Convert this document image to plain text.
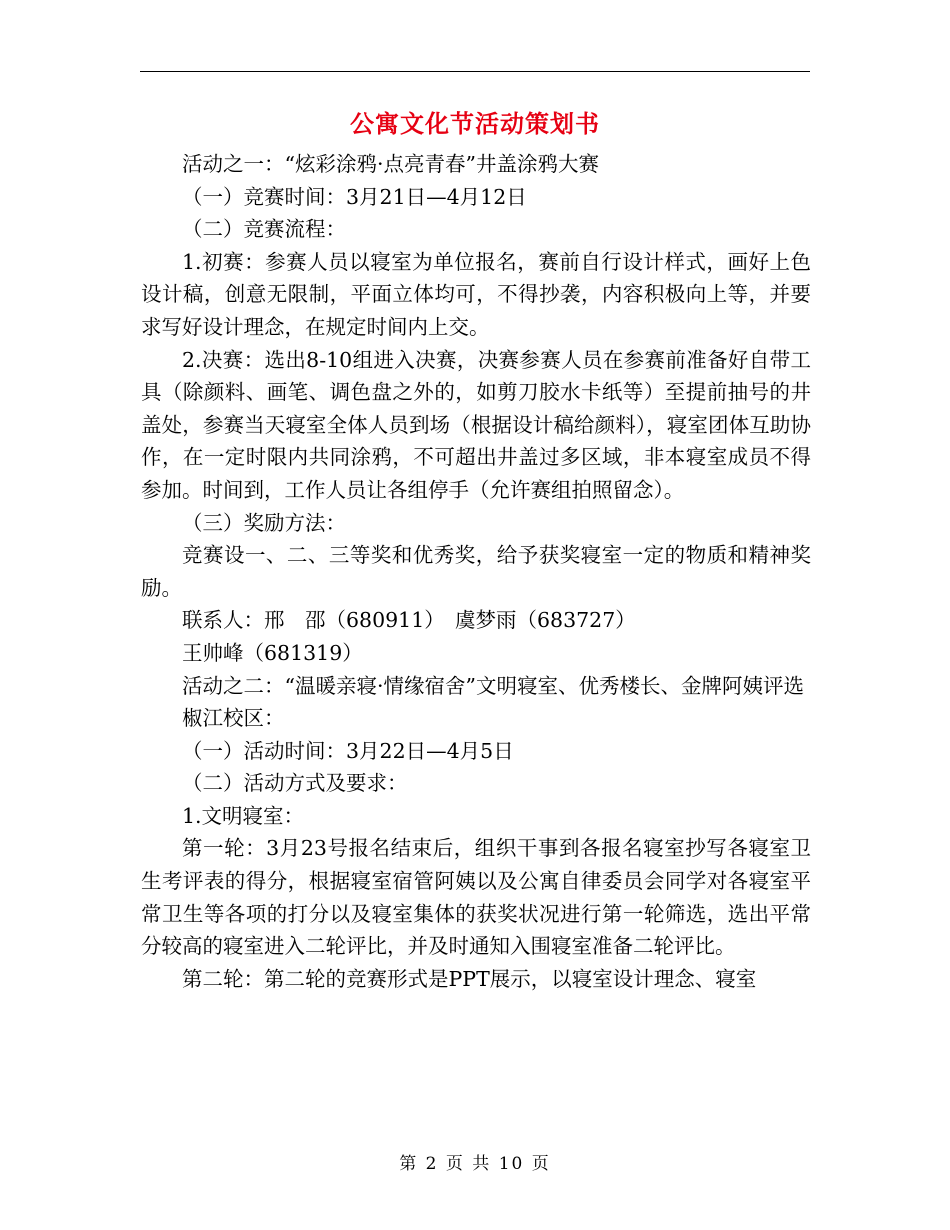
公寓文化节活动策划书

活动之一：“炫彩涂鸦·点亮青春”井盖涂鸦大赛

（一）竞赛时间：3月21日—4月12日

（二）竞赛流程：

1.初赛：参赛人员以寝室为单位报名，赛前自行设计样式，画好上色设计稿，创意无限制，平面立体均可，不得抄袭，内容积极向上等，并要求写好设计理念，在规定时间内上交。

2.决赛：选出8-10组进入决赛，决赛参赛人员在参赛前准备好自带工具（除颜料、画笔、调色盘之外的，如剪刀胶水卡纸等）至提前抽号的井盖处，参赛当天寝室全体人员到场（根据设计稿给颜料），寝室团体互助协作，在一定时限内共同涂鸦，不可超出井盖过多区域，非本寝室成员不得参加。时间到，工作人员让各组停手（允许赛组拍照留念）。

（三）奖励方法：

竞赛设一、二、三等奖和优秀奖，给予获奖寝室一定的物质和精神奖励。

联系人：邢　邵（680911）　虞梦雨（683727）

王帅峰（681319）

活动之二：“温暖亲寝·情缘宿舍”文明寝室、优秀楼长、金牌阿姨评选

椒江校区：

（一）活动时间：3月22日—4月5日

（二）活动方式及要求：

1.文明寝室：

第一轮：3月23号报名结束后，组织干事到各报名寝室抄写各寝室卫生考评表的得分，根据寝室宿管阿姨以及公寓自律委员会同学对各寝室平常卫生等各项的打分以及寝室集体的获奖状况进行第一轮筛选，选出平常分较高的寝室进入二轮评比，并及时通知入围寝室准备二轮评比。

第二轮：第二轮的竞赛形式是PPT展示，以寝室设计理念、寝室

第 2 页 共 10 页
